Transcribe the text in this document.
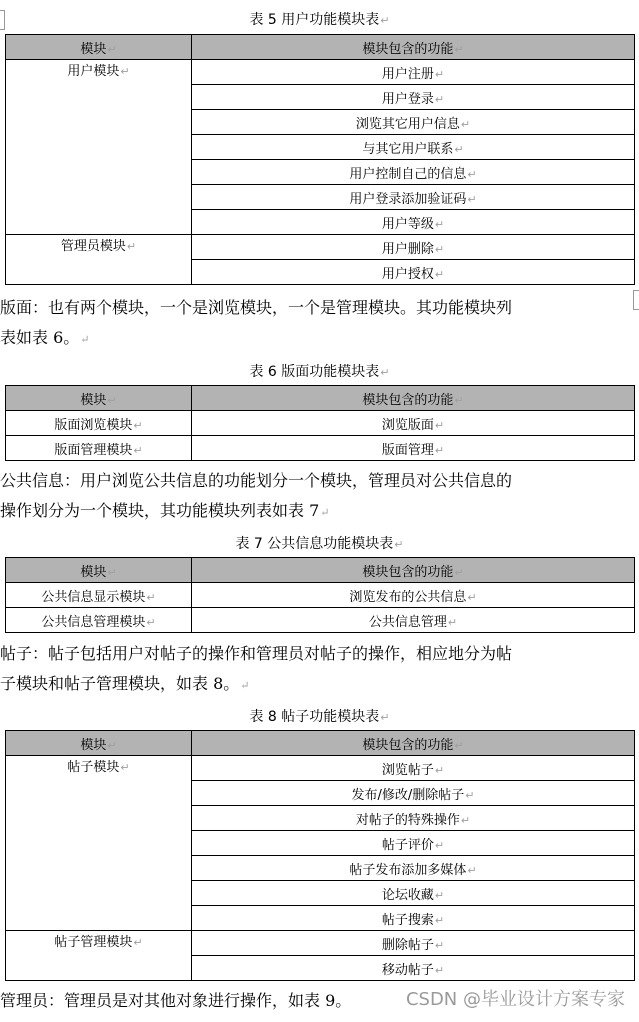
表 5 用户功能模块表↵
模块↵	模块包含的功能↵
用户模块↵	用户注册↵
	用户登录↵
	浏览其它用户信息↵
	与其它用户联系↵
	用户控制自己的信息↵
	用户登录添加验证码↵
	用户等级↵
管理员模块↵	用户删除↵
	用户授权↵
版面：也有两个模块，一个是浏览模块，一个是管理模块。其功能模块列
表如表 6。↵
表 6 版面功能模块表↵
模块↵	模块包含的功能↵
版面浏览模块↵	浏览版面↵
版面管理模块↵	版面管理↵
公共信息：用户浏览公共信息的功能划分一个模块，管理员对公共信息的
操作划分为一个模块，其功能模块列表如表 7↵
表 7 公共信息功能模块表↵
模块↵	模块包含的功能↵
公共信息显示模块↵	浏览发布的公共信息↵
公共信息管理模块↵	公共信息管理↵
帖子：帖子包括用户对帖子的操作和管理员对帖子的操作，相应地分为帖
子模块和帖子管理模块，如表 8。↵
表 8 帖子功能模块表↵
模块↵	模块包含的功能↵
帖子模块↵	浏览帖子↵
	发布/修改/删除帖子↵
	对帖子的特殊操作↵
	帖子评价↵
	帖子发布添加多媒体↵
	论坛收藏↵
	帖子搜索↵
帖子管理模块↵	删除帖子↵
	移动帖子↵
管理员：管理员是对其他对象进行操作，如表 9。	CSDN @毕业设计方案专家
